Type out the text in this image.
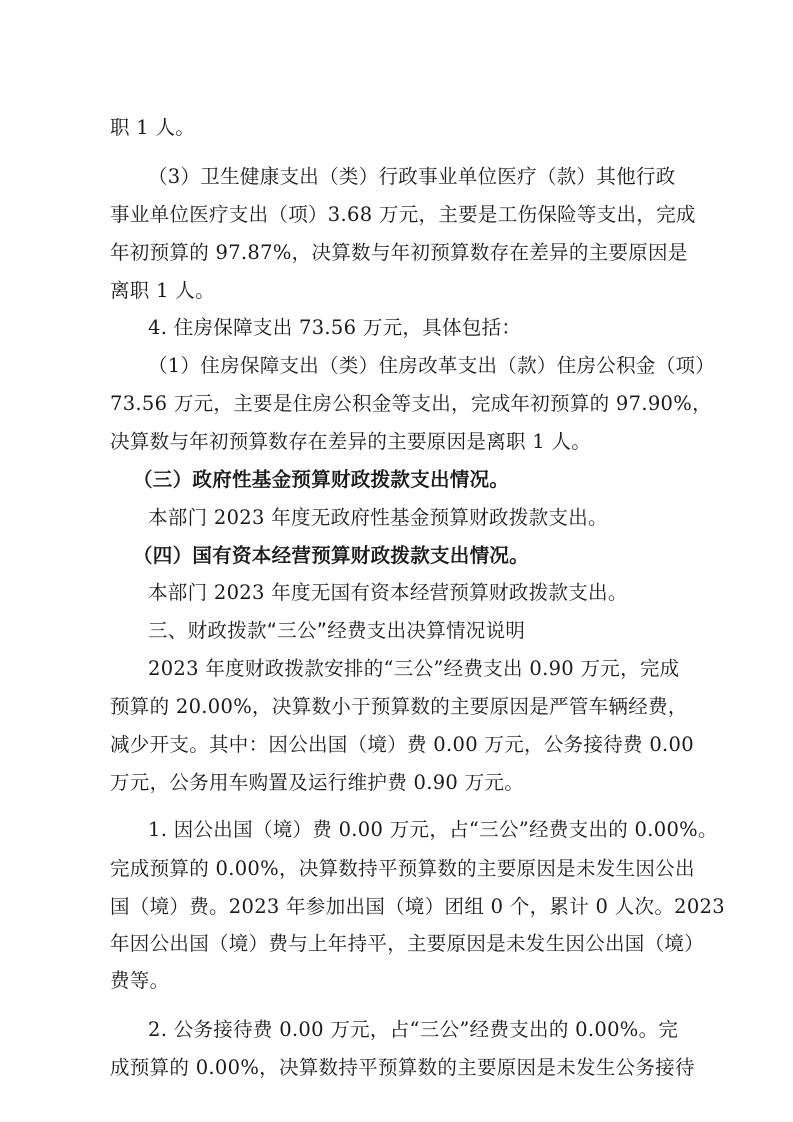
职 1 人。
（3）卫生健康支出（类）行政事业单位医疗（款）其他行政
事业单位医疗支出（项）3.68 万元，主要是工伤保险等支出，完成
年初预算的 97.87%，决算数与年初预算数存在差异的主要原因是
离职 1 人。
4. 住房保障支出 73.56 万元，具体包括：
（1）住房保障支出（类）住房改革支出（款）住房公积金（项）
73.56 万元，主要是住房公积金等支出，完成年初预算的 97.90%，
决算数与年初预算数存在差异的主要原因是离职 1 人。
（三）政府性基金预算财政拨款支出情况。
本部门 2023 年度无政府性基金预算财政拨款支出。
（四）国有资本经营预算财政拨款支出情况。
本部门 2023 年度无国有资本经营预算财政拨款支出。
三、财政拨款“三公”经费支出决算情况说明
2023 年度财政拨款安排的“三公”经费支出 0.90 万元，完成
预算的 20.00%，决算数小于预算数的主要原因是严管车辆经费，
减少开支。其中：因公出国（境）费 0.00 万元，公务接待费 0.00
万元，公务用车购置及运行维护费 0.90 万元。
1. 因公出国（境）费 0.00 万元，占“三公”经费支出的 0.00%。
完成预算的 0.00%，决算数持平预算数的主要原因是未发生因公出
国（境）费。2023 年参加出国（境）团组 0 个，累计 0 人次。2023
年因公出国（境）费与上年持平，主要原因是未发生因公出国（境）
费等。
2. 公务接待费 0.00 万元，占“三公”经费支出的 0.00%。完
成预算的 0.00%，决算数持平预算数的主要原因是未发生公务接待
